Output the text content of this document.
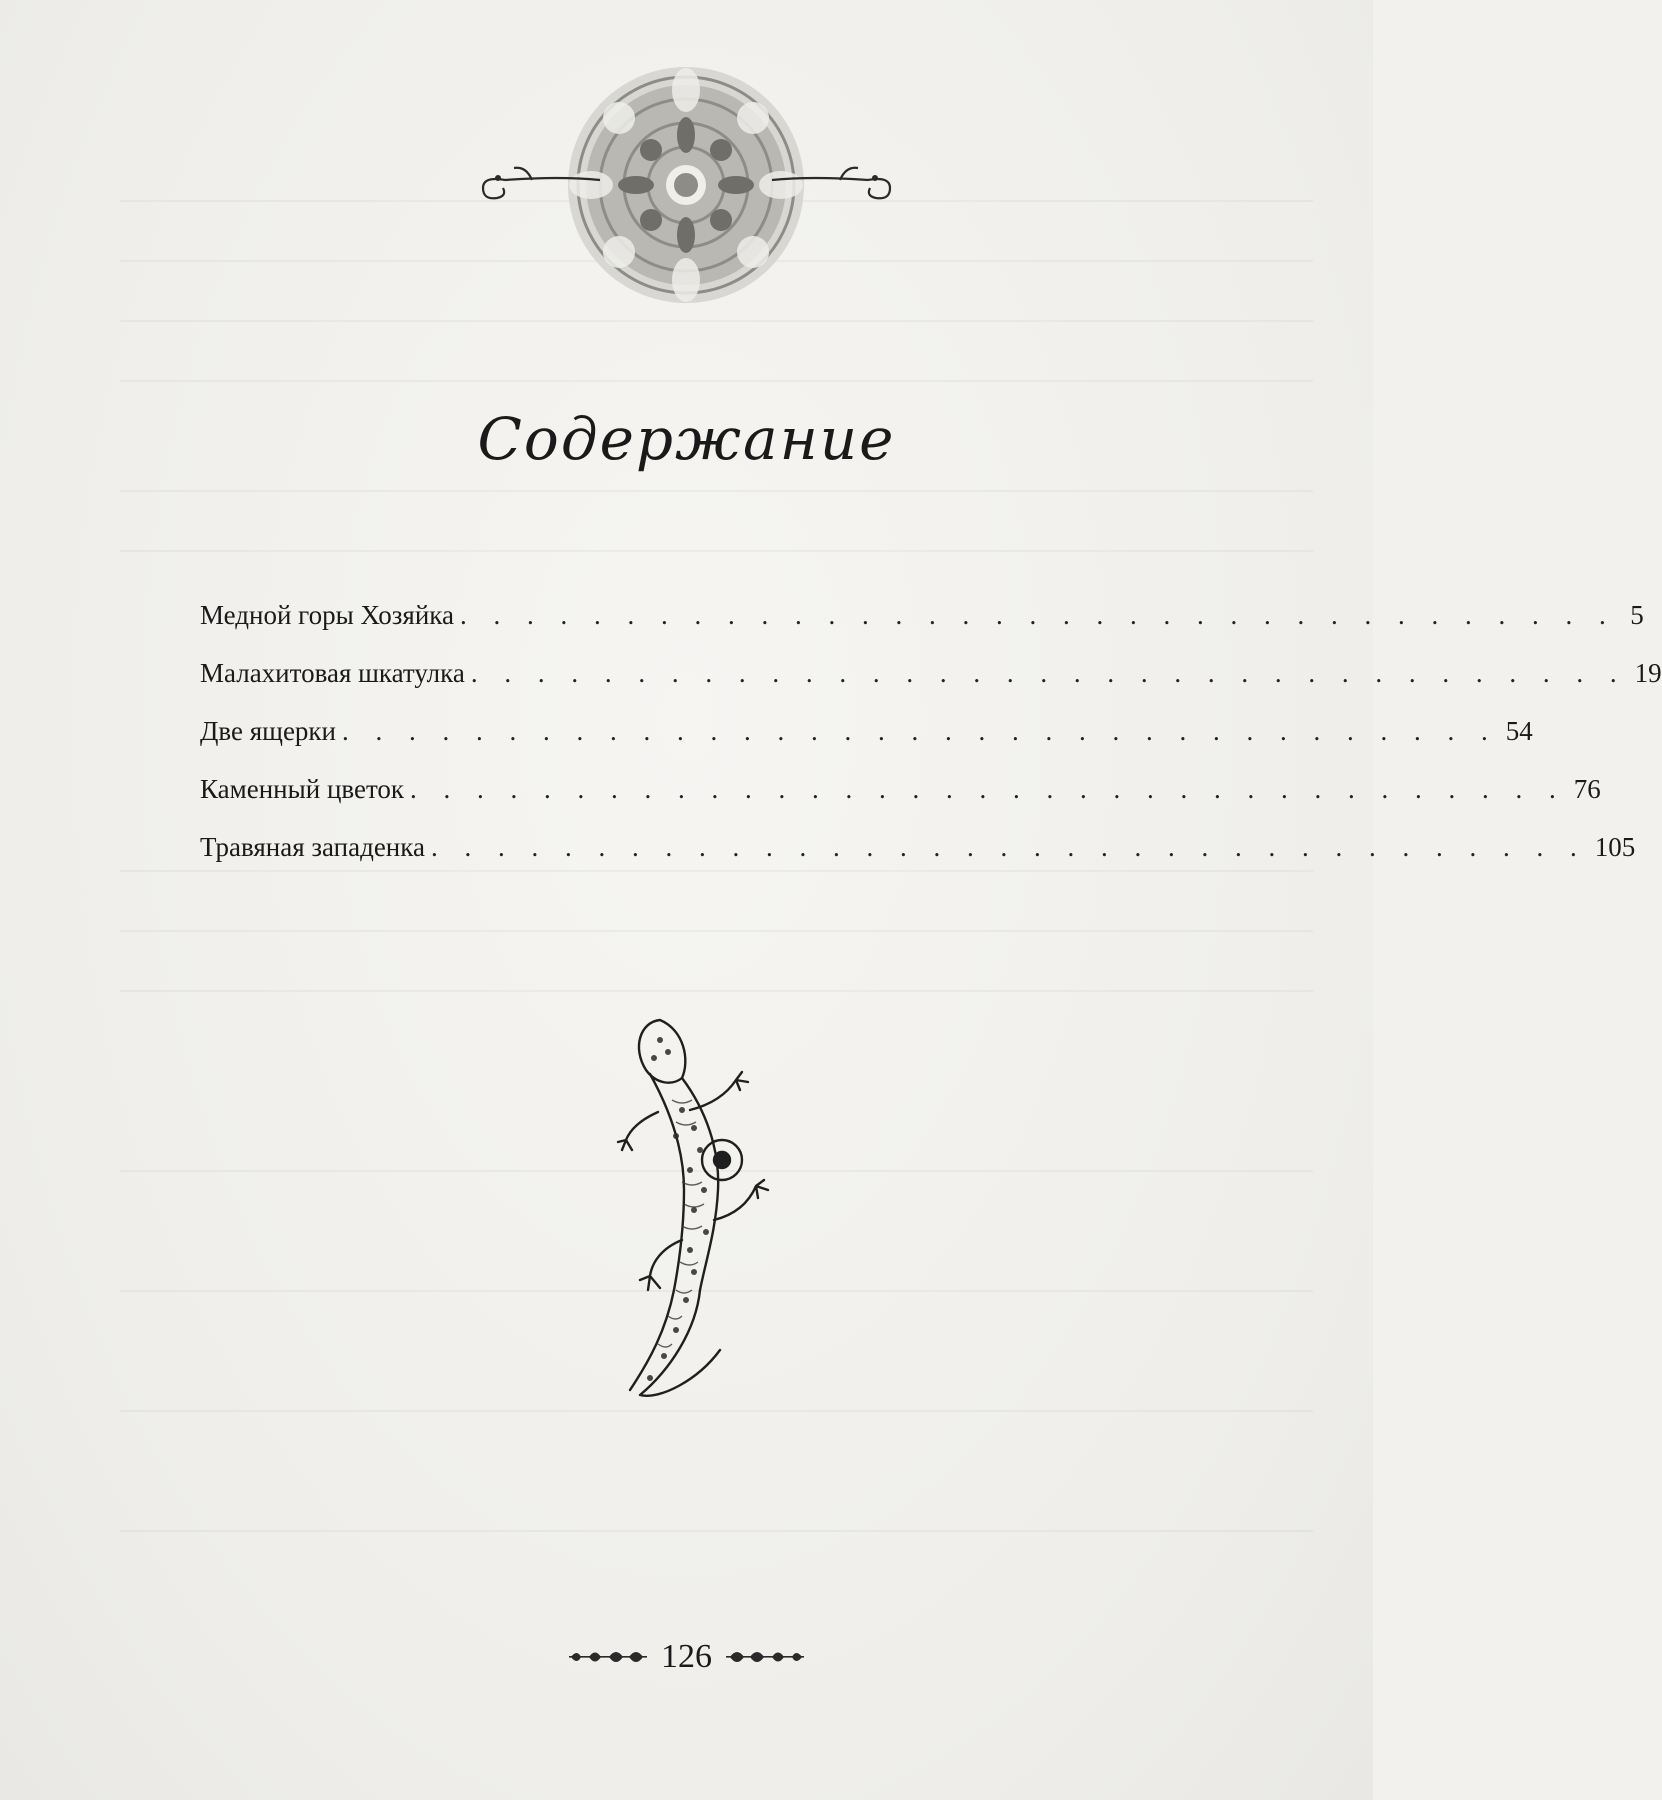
Содержание
Медной горы Хозяйка . . . . . . . . . . . . . . . . . . . . . . . . . . . . . . . . . . . 5
Малахитовая шкатулка . . . . . . . . . . . . . . . . . . . . . . . . . . . . . . . . . . . 19
Две ящерки . . . . . . . . . . . . . . . . . . . . . . . . . . . . . . . . . . . 54
Каменный цветок . . . . . . . . . . . . . . . . . . . . . . . . . . . . . . . . . . . 76
Травяная западенка . . . . . . . . . . . . . . . . . . . . . . . . . . . . . . . . . . . 105
126
